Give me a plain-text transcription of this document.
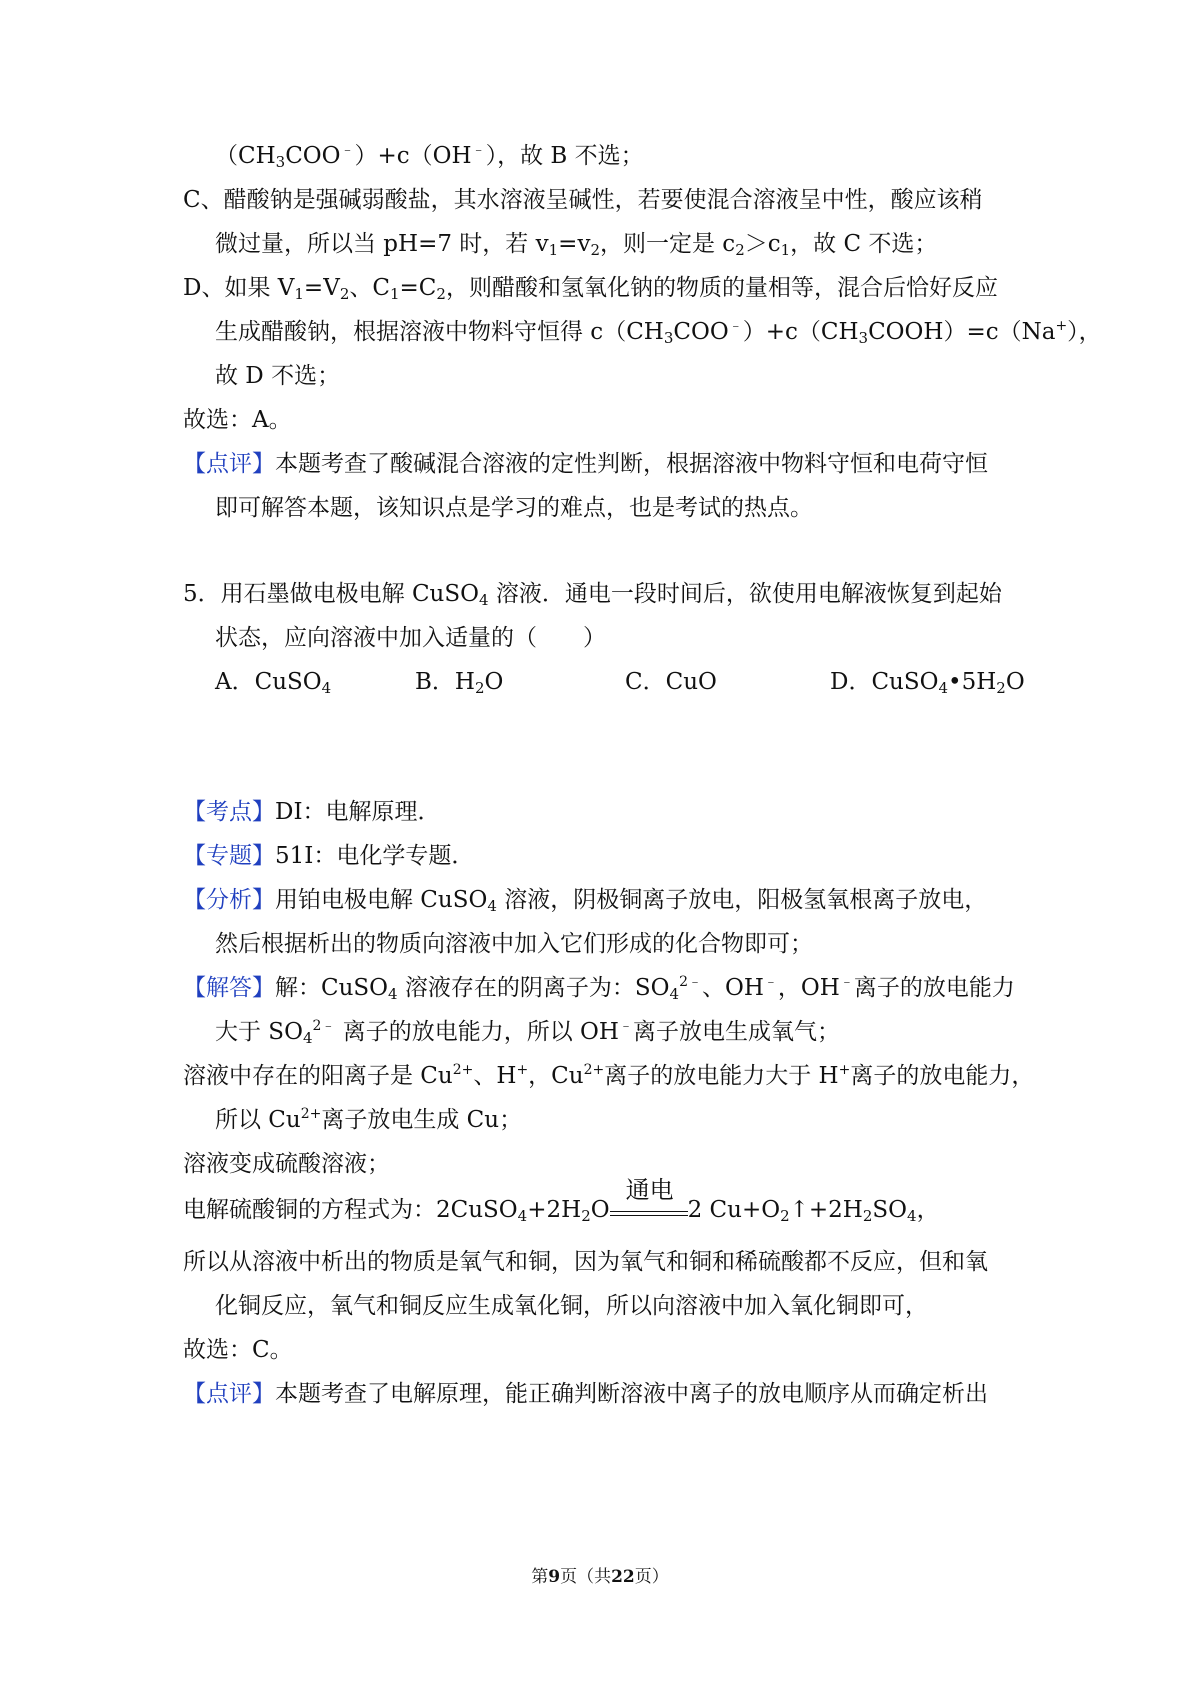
$(CH_3COO^﹣)+c(OH^﹣)$，故 B 不选；
C、醋酸钠是强碱弱酸盐，其水溶液呈碱性，若要使混合溶液呈中性，酸应该稍
微过量，所以当 pH=7 时，若 $v_1=v_2$，则一定是 $c_2>c_1$，故 C 不选；
D、如果 $V_1=V_2$、$C_1=C_2$，则醋酸和氢氧化钠的物质的量相等，混合后恰好反应
生成醋酸钠，根据溶液中物料守恒得 $c(CH_3COO^﹣)+c(CH_3COOH)=c(Na^+)$，
故 D 不选；
故选：A。
【点评】本题考查了酸碱混合溶液的定性判断，根据溶液中物料守恒和电荷守恒
即可解答本题，该知识点是学习的难点，也是考试的热点。
5．用石墨做电极电解 CuSO$_4$ 溶液．通电一段时间后，欲使用电解液恢复到起始
状态，应向溶液中加入适量的（　　）
A．CuSO$_4$	B．$H_2O$	C．CuO	D．$CuSO_4•5H_2O$
【考点】DI：电解原理．
【专题】51I：电化学专题．
【分析】用铂电极电解 CuSO$_4$ 溶液，阴极铜离子放电，阳极氢氧根离子放电，
然后根据析出的物质向溶液中加入它们形成的化合物即可；
【解答】解：CuSO$_4$ 溶液存在的阴离子为：$SO_4^{2﹣}$、OH﹣，OH﹣离子的放电能力
大于 $SO_4^{2﹣}$ 离子的放电能力，所以 OH﹣离子放电生成氧气；
溶液中存在的阳离子是 $Cu^{2+}$、H+，$Cu^{2+}$离子的放电能力大于 H+离子的放电能力，
所以 $Cu^{2+}$离子放电生成 Cu；
溶液变成硫酸溶液；
电解硫酸铜的方程式为：$2CuSO_4+2H_2O$
通电
2 $Cu+O_2↑+2H_2SO_4$，
所以从溶液中析出的物质是氧气和铜，因为氧气和铜和稀硫酸都不反应，但和氧
化铜反应，氧气和铜反应生成氧化铜，所以向溶液中加入氧化铜即可，
故选：C。
【点评】本题考查了电解原理，能正确判断溶液中离子的放电顺序从而确定析出
第9页（共22页）
